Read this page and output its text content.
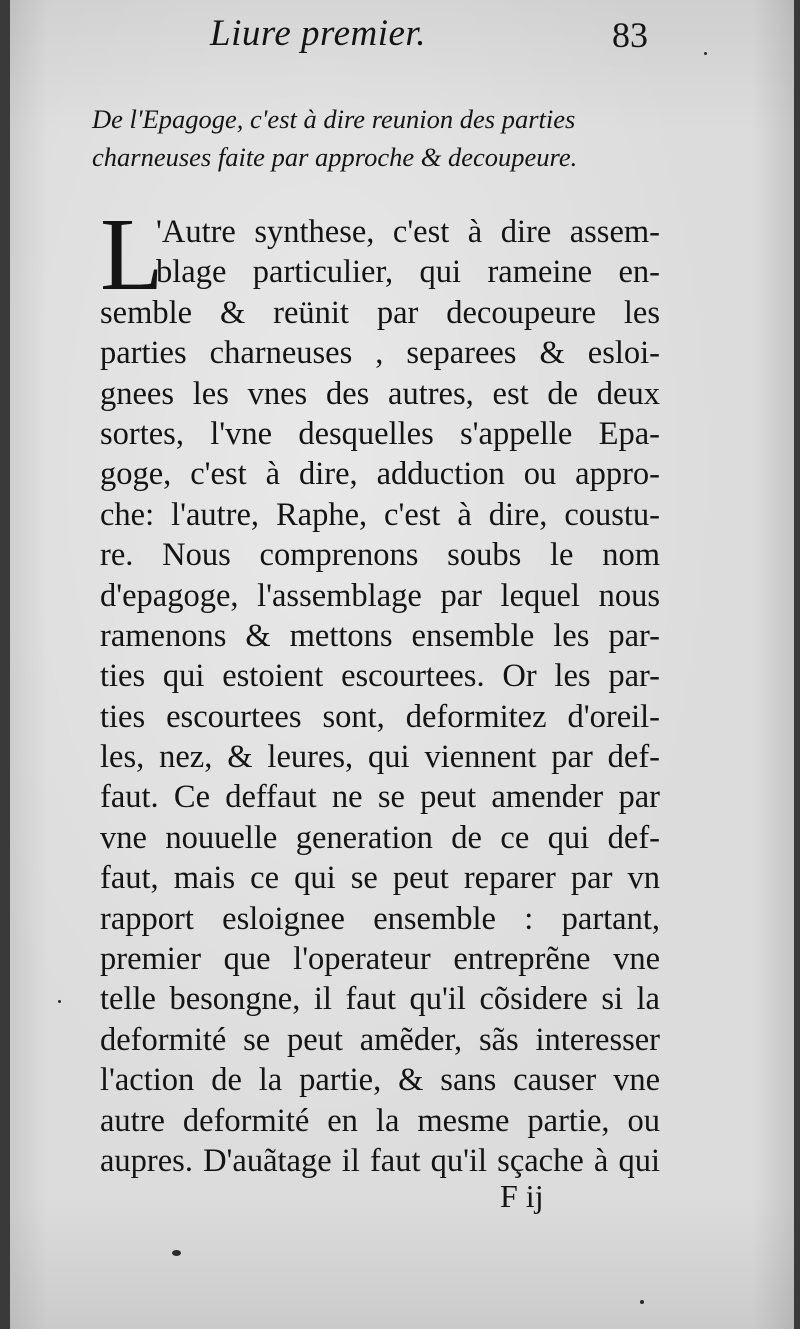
Liure premier.	83
De l'Epagoge, c'est à dire reunion des parties
charneuses faite par approche & decoupeure.
L
'Autre synthese, c'est à dire assem-
blage particulier, qui rameine en-
semble & reünit par decoupeure les
parties charneuses , separees & esloi-
gnees les vnes des autres, est de deux
sortes, l'vne desquelles s'appelle Epa-
goge, c'est à dire, adduction ou appro-
che: l'autre, Raphe, c'est à dire, coustu-
re. Nous comprenons soubs le nom
d'epagoge, l'assemblage par lequel nous
ramenons & mettons ensemble les par-
ties qui estoient escourtees. Or les par-
ties escourtees sont, deformitez d'oreil-
les, nez, & leures, qui viennent par def-
faut. Ce deffaut ne se peut amender par
vne nouuelle generation de ce qui def-
faut, mais ce qui se peut reparer par vn
rapport esloignee ensemble : partant,
premier que l'operateur entreprẽne vne
telle besongne, il faut qu'il cõsidere si la
deformité se peut amẽder, sãs interesser
l'action de la partie, & sans causer vne
autre deformité en la mesme partie, ou
aupres. D'auãtage il faut qu'il sçache à qui
F ij
